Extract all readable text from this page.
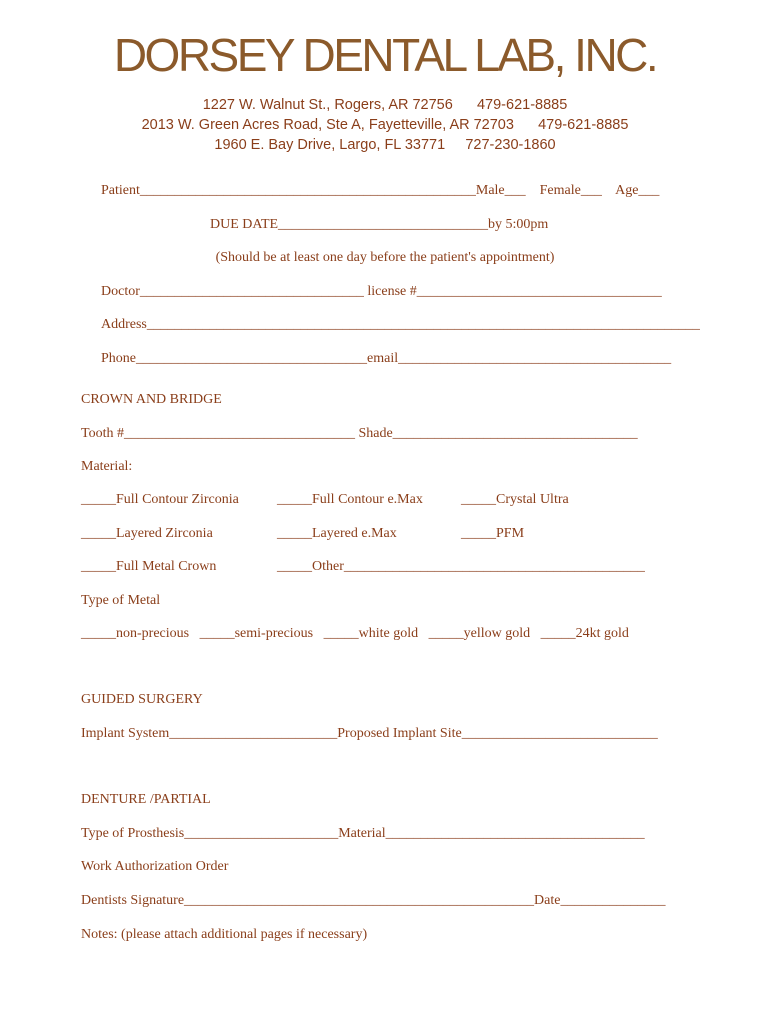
DORSEY DENTAL LAB, INC.
1227 W. Walnut St., Rogers, AR 72756      479-621-8885
2013 W. Green Acres Road, Ste A, Fayetteville, AR 72703      479-621-8885
1960 E. Bay Drive, Largo, FL 33771     727-230-1860
Patient________________________________________________Male___    Female___    Age___
DUE DATE______________________________by 5:00pm
(Should be at least one day before the patient's appointment)
Doctor________________________________ license #___________________________________
Address_______________________________________________________________________________
Phone_________________________________email_______________________________________
CROWN AND BRIDGE
Tooth #_________________________________ Shade___________________________________
Material:
_____Full Contour Zirconia	_____Full Contour e.Max	_____Crystal Ultra
_____Layered Zirconia	_____Layered e.Max	_____PFM
_____Full Metal Crown	_____Other___________________________________________
Type of Metal
_____non-precious   _____semi-precious   _____white gold   _____yellow gold   _____24kt gold
GUIDED SURGERY
Implant System________________________Proposed Implant Site____________________________
DENTURE /PARTIAL
Type of Prosthesis______________________Material_____________________________________
Work Authorization Order
Dentists Signature__________________________________________________Date_______________
Notes: (please attach additional pages if necessary)
